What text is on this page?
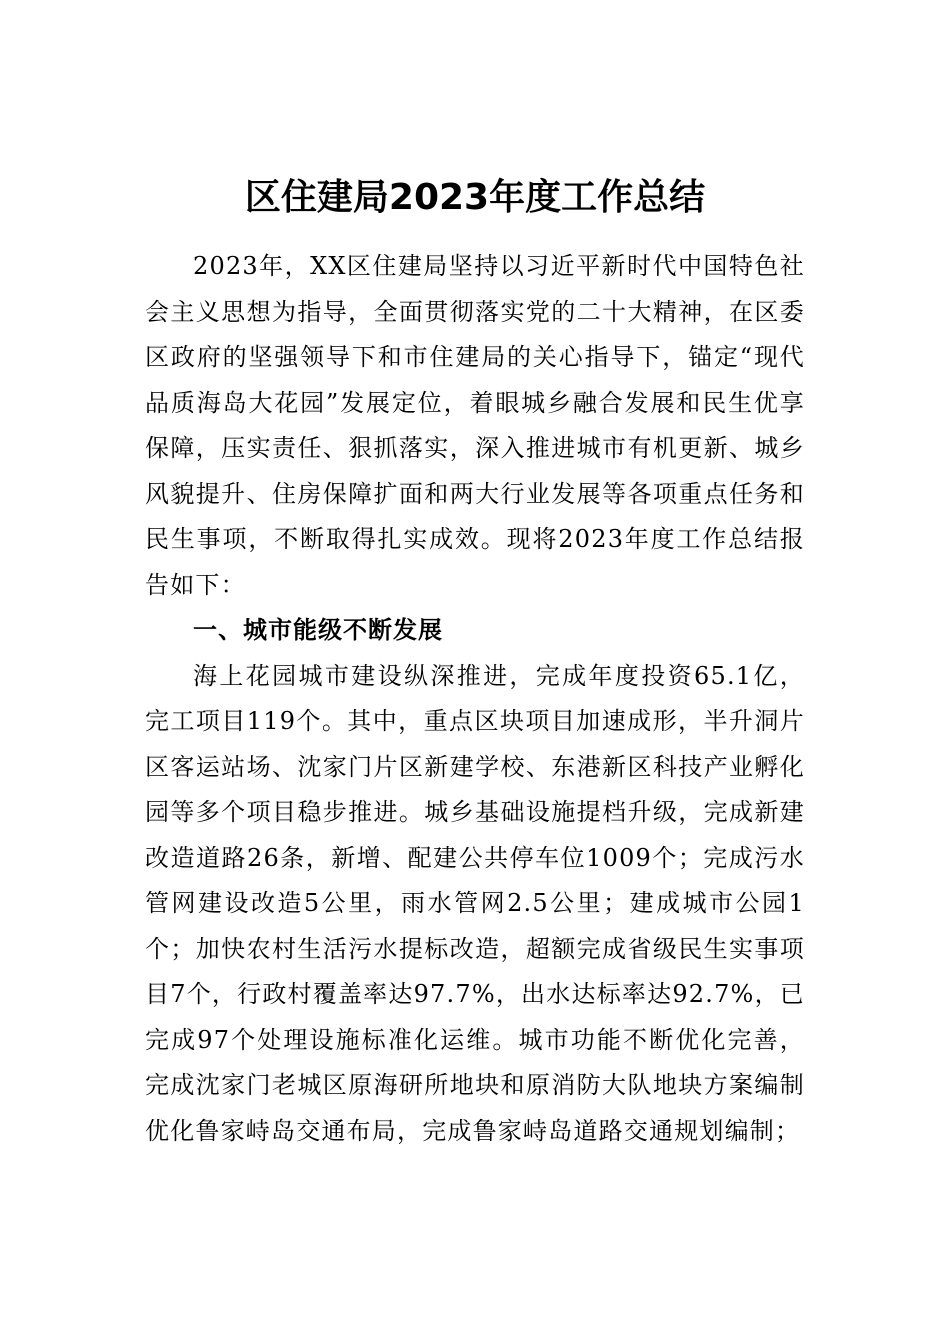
区住建局2023年度工作总结

2023年，XX区住建局坚持以习近平新时代中国特色社会主义思想为指导，全面贯彻落实党的二十大精神，在区委区政府的坚强领导下和市住建局的关心指导下，锚定“现代品质海岛大花园”发展定位，着眼城乡融合发展和民生优享保障，压实责任、狠抓落实，深入推进城市有机更新、城乡风貌提升、住房保障扩面和两大行业发展等各项重点任务和民生事项，不断取得扎实成效。现将2023年度工作总结报告如下：

一、城市能级不断发展

海上花园城市建设纵深推进，完成年度投资65.1亿，完工项目119个。其中，重点区块项目加速成形，半升洞片区客运站场、沈家门片区新建学校、东港新区科技产业孵化园等多个项目稳步推进。城乡基础设施提档升级，完成新建改造道路26条，新增、配建公共停车位1009个；完成污水管网建设改造5公里，雨水管网2.5公里；建成城市公园1个；加快农村生活污水提标改造，超额完成省级民生实事项目7个，行政村覆盖率达97.7%，出水达标率达92.7%，已完成97个处理设施标准化运维。城市功能不断优化完善，完成沈家门老城区原海研所地块和原消防大队地块方案编制优化鲁家峙岛交通布局，完成鲁家峙岛道路交通规划编制；
